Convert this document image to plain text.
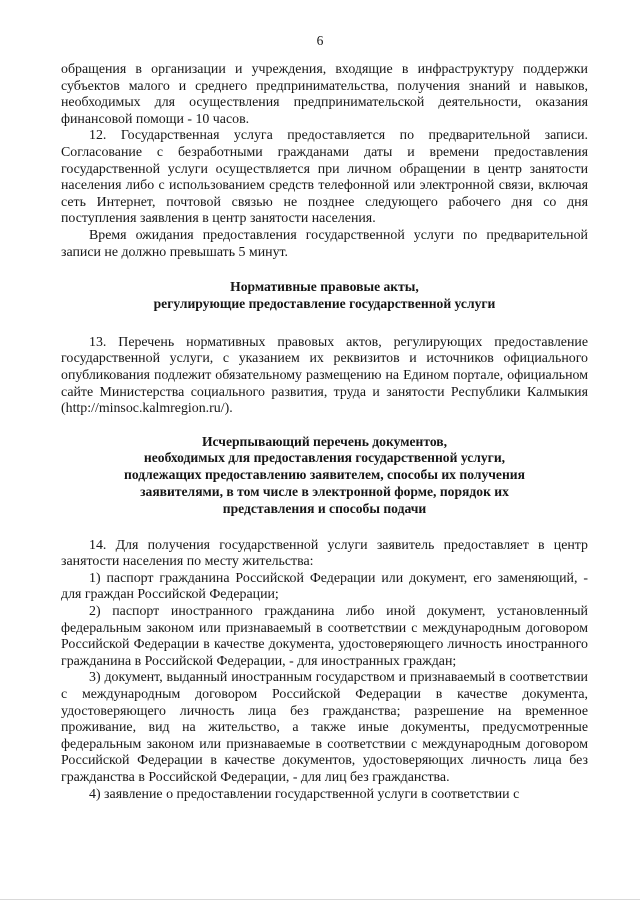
6

обращения в организации и учреждения, входящие в инфраструктуру поддержки субъектов малого и среднего предпринимательства, получения знаний и навыков, необходимых для осуществления предпринимательской деятельности, оказания финансовой помощи - 10 часов.

12. Государственная услуга предоставляется по предварительной записи. Согласование с безработными гражданами даты и времени предоставления государственной услуги осуществляется при личном обращении в центр занятости населения либо с использованием средств телефонной или электронной связи, включая сеть Интернет, почтовой связью не позднее следующего рабочего дня со дня поступления заявления в центр занятости населения.

Время ожидания предоставления государственной услуги по предварительной записи не должно превышать 5 минут.

Нормативные правовые акты,
регулирующие предоставление государственной услуги

13. Перечень нормативных правовых актов, регулирующих предоставление государственной услуги, с указанием их реквизитов и источников официального опубликования подлежит обязательному размещению на Едином портале, официальном сайте Министерства социального развития, труда и занятости Республики Калмыкия (http://minsoc.kalmregion.ru/).

Исчерпывающий перечень документов,
необходимых для предоставления государственной услуги,
подлежащих предоставлению заявителем, способы их получения
заявителями, в том числе в электронной форме, порядок их
представления и способы подачи

14. Для получения государственной услуги заявитель предоставляет в центр занятости населения по месту жительства:

1) паспорт гражданина Российской Федерации или документ, его заменяющий, - для граждан Российской Федерации;

2) паспорт иностранного гражданина либо иной документ, установленный федеральным законом или признаваемый в соответствии с международным договором Российской Федерации в качестве документа, удостоверяющего личность иностранного гражданина в Российской Федерации, - для иностранных граждан;

3) документ, выданный иностранным государством и признаваемый в соответствии с международным договором Российской Федерации в качестве документа, удостоверяющего личность лица без гражданства; разрешение на временное проживание, вид на жительство, а также иные документы, предусмотренные федеральным законом или признаваемые в соответствии с международным договором Российской Федерации в качестве документов, удостоверяющих личность лица без гражданства в Российской Федерации, - для лиц без гражданства.

4) заявление о предоставлении государственной услуги в соответствии с
